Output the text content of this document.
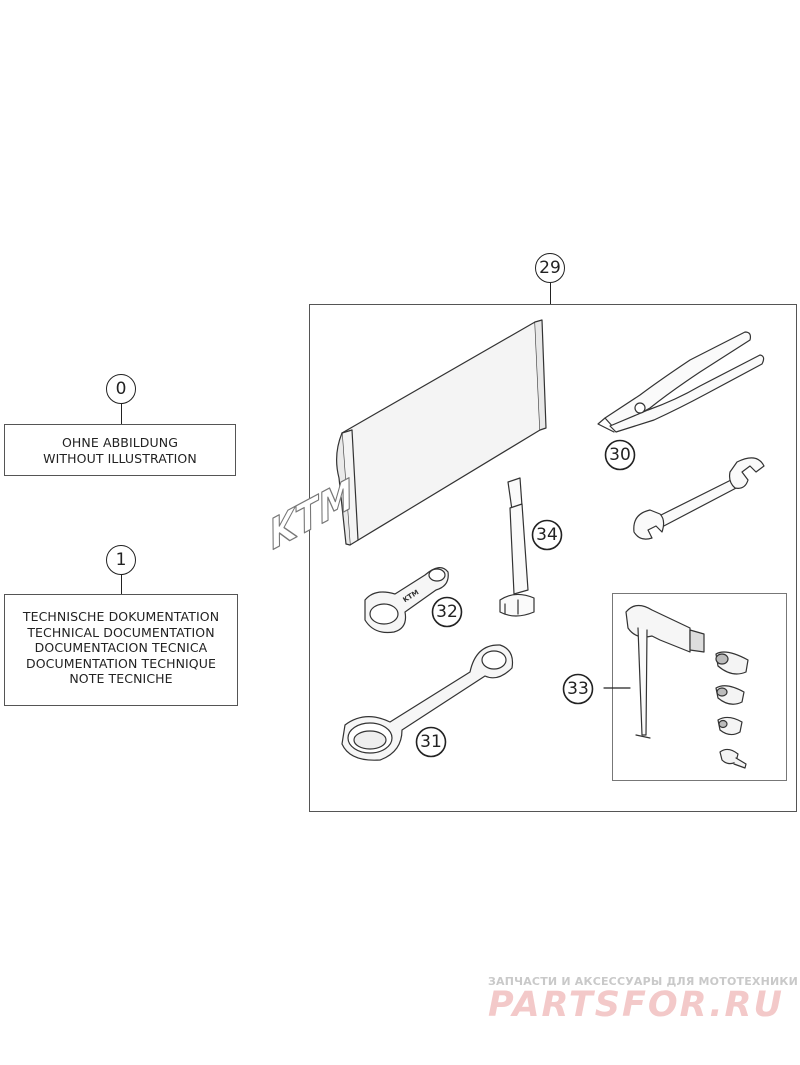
0
OHNE ABBILDUNG
WITHOUT ILLUSTRATION
1
TECHNISCHE DOKUMENTATION
TECHNICAL DOCUMENTATION
DOCUMENTACION TECNICA
DOCUMENTATION TECHNIQUE
NOTE TECNICHE
29
KTM
KTM
30
34
32
31
33
ЗАПЧАСТИ И АКСЕССУАРЫ ДЛЯ МОТОТЕХНИКИ
PARTSFOR.RU
